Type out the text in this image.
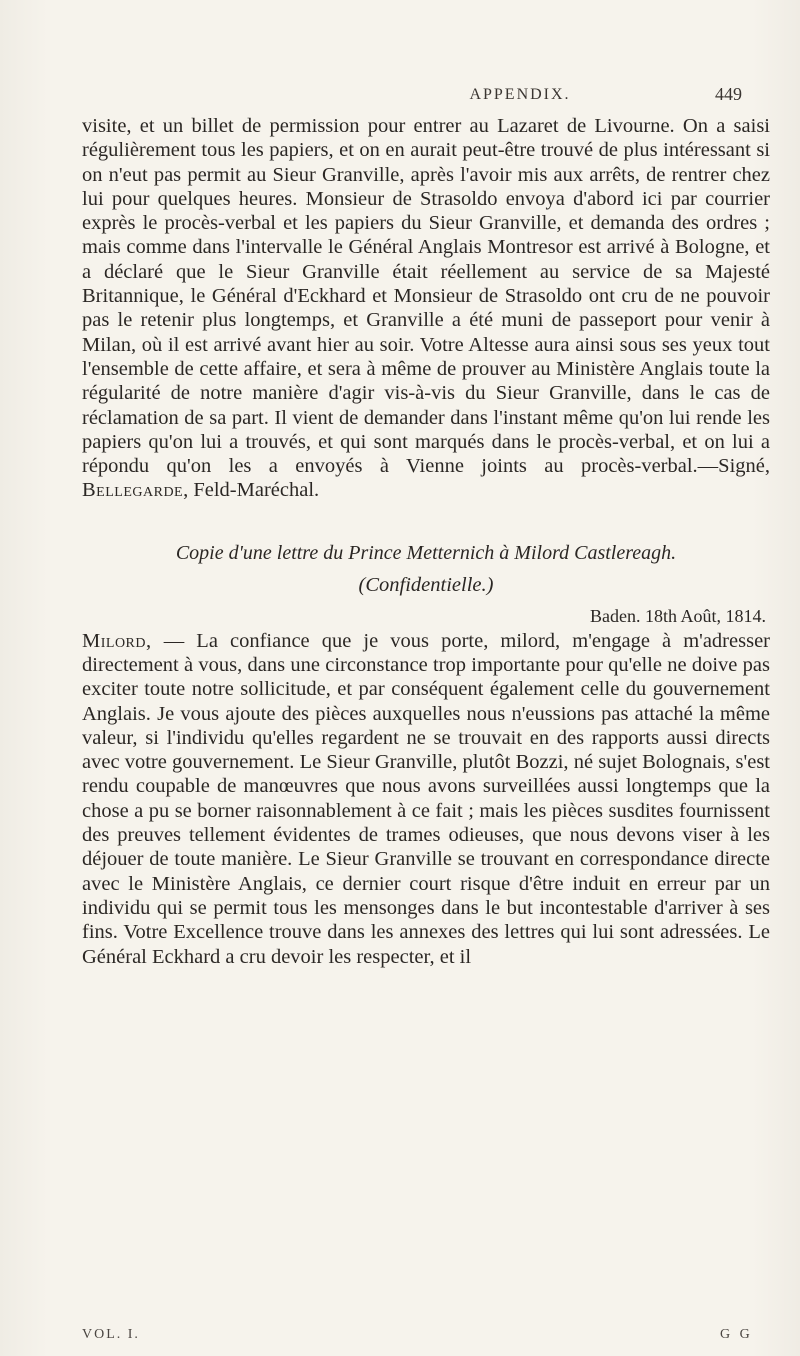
APPENDIX.	449

visite, et un billet de permission pour entrer au Lazaret de Livourne. On a saisi régulièrement tous les papiers, et on en aurait peut-être trouvé de plus intéressant si on n'eut pas permit au Sieur Granville, après l'avoir mis aux arrêts, de rentrer chez lui pour quelques heures. Monsieur de Strasoldo envoya d'abord ici par courrier exprès le procès-verbal et les papiers du Sieur Granville, et demanda des ordres ; mais comme dans l'intervalle le Général Anglais Montresor est arrivé à Bologne, et a déclaré que le Sieur Granville était réellement au service de sa Majesté Britannique, le Général d'Eckhard et Monsieur de Strasoldo ont cru de ne pouvoir pas le retenir plus longtemps, et Granville a été muni de passeport pour venir à Milan, où il est arrivé avant hier au soir. Votre Altesse aura ainsi sous ses yeux tout l'ensemble de cette affaire, et sera à même de prouver au Ministère Anglais toute la régularité de notre manière d'agir vis-à-vis du Sieur Granville, dans le cas de réclamation de sa part. Il vient de demander dans l'instant même qu'on lui rende les papiers qu'on lui a trouvés, et qui sont marqués dans le procès-verbal, et on lui a répondu qu'on les a envoyés à Vienne joints au procès-verbal.—Signé, Bellegarde, Feld-Maréchal.

Copie d'une lettre du Prince Metternich à Milord Castlereagh.

(Confidentielle.)

Baden. 18th Août, 1814.

Milord, — La confiance que je vous porte, milord, m'engage à m'adresser directement à vous, dans une circonstance trop importante pour qu'elle ne doive pas exciter toute notre sollicitude, et par conséquent également celle du gouvernement Anglais. Je vous ajoute des pièces auxquelles nous n'eussions pas attaché la même valeur, si l'individu qu'elles regardent ne se trouvait en des rapports aussi directs avec votre gouvernement. Le Sieur Granville, plutôt Bozzi, né sujet Bolognais, s'est rendu coupable de manœuvres que nous avons surveillées aussi longtemps que la chose a pu se borner raisonnablement à ce fait ; mais les pièces susdites fournissent des preuves tellement évidentes de trames odieuses, que nous devons viser à les déjouer de toute manière. Le Sieur Granville se trouvant en correspondance directe avec le Ministère Anglais, ce dernier court risque d'être induit en erreur par un individu qui se permit tous les mensonges dans le but incontestable d'arriver à ses fins. Votre Excellence trouve dans les annexes des lettres qui lui sont adressées. Le Général Eckhard a cru devoir les respecter, et il

VOL. I.	G G
